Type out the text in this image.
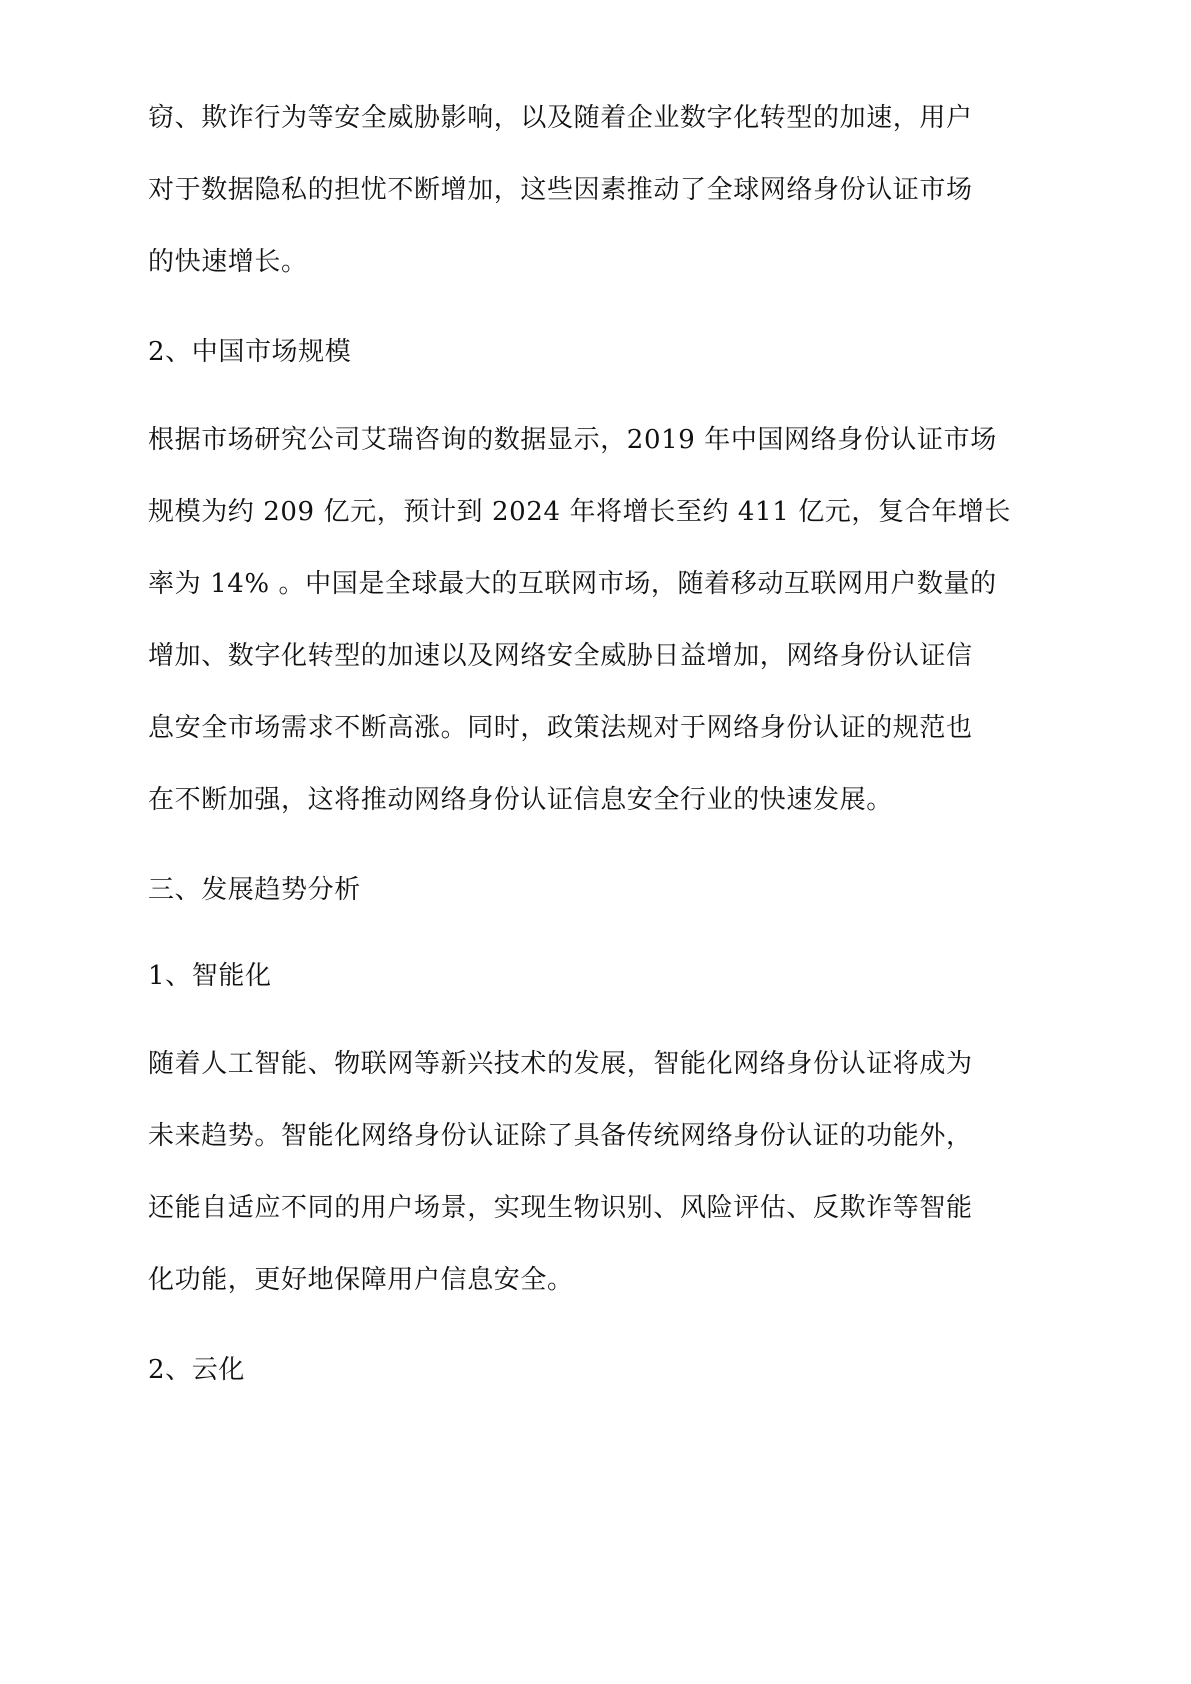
窃、欺诈行为等安全威胁影响，以及随着企业数字化转型的加速，用户
对于数据隐私的担忧不断增加，这些因素推动了全球网络身份认证市场
的快速增长。
2、中国市场规模
根据市场研究公司艾瑞咨询的数据显示，2019 年中国网络身份认证市场
规模为约 209 亿元，预计到 2024 年将增长至约 411 亿元，复合年增长
率为 14% 。中国是全球最大的互联网市场，随着移动互联网用户数量的
增加、数字化转型的加速以及网络安全威胁日益增加，网络身份认证信
息安全市场需求不断高涨。同时，政策法规对于网络身份认证的规范也
在不断加强，这将推动网络身份认证信息安全行业的快速发展。
三、发展趋势分析
1、智能化
随着人工智能、物联网等新兴技术的发展，智能化网络身份认证将成为
未来趋势。智能化网络身份认证除了具备传统网络身份认证的功能外，
还能自适应不同的用户场景，实现生物识别、风险评估、反欺诈等智能
化功能，更好地保障用户信息安全。
2、云化
